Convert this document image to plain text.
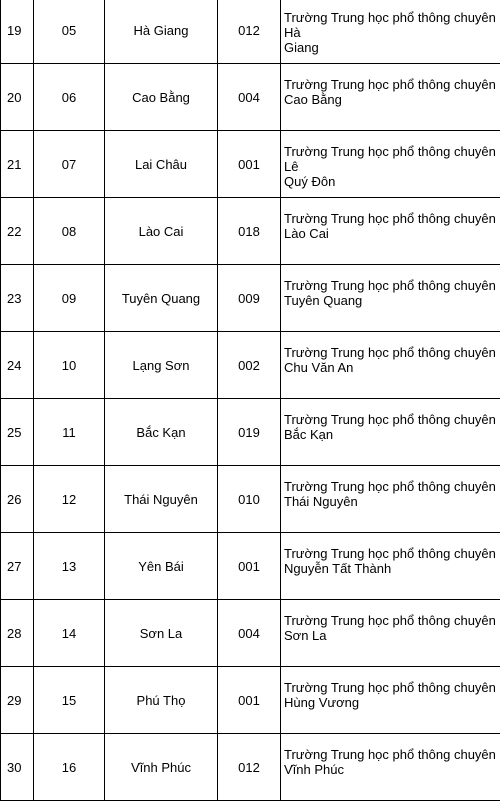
19	05	Hà Giang	012	Trường Trung học phổ thông chuyên Hà
Giang

20	06	Cao Bằng	004	Trường Trung học phổ thông chuyên
Cao Bằng

21	07	Lai Châu	001	Trường Trung học phổ thông chuyên Lê
Quý Đôn

22	08	Lào Cai	018	Trường Trung học phổ thông chuyên
Lào Cai

23	09	Tuyên Quang	009	Trường Trung học phổ thông chuyên
Tuyên Quang

24	10	Lạng Sơn	002	Trường Trung học phổ thông chuyên
Chu Văn An

25	11	Bắc Kạn	019	Trường Trung học phổ thông chuyên
Bắc Kạn

26	12	Thái Nguyên	010	Trường Trung học phổ thông chuyên
Thái Nguyên

27	13	Yên Bái	001	Trường Trung học phổ thông chuyên
Nguyễn Tất Thành

28	14	Sơn La	004	Trường Trung học phổ thông chuyên
Sơn La

29	15	Phú Thọ	001	Trường Trung học phổ thông chuyên
Hùng Vương

30	16	Vĩnh Phúc	012	Trường Trung học phổ thông chuyên
Vĩnh Phúc
